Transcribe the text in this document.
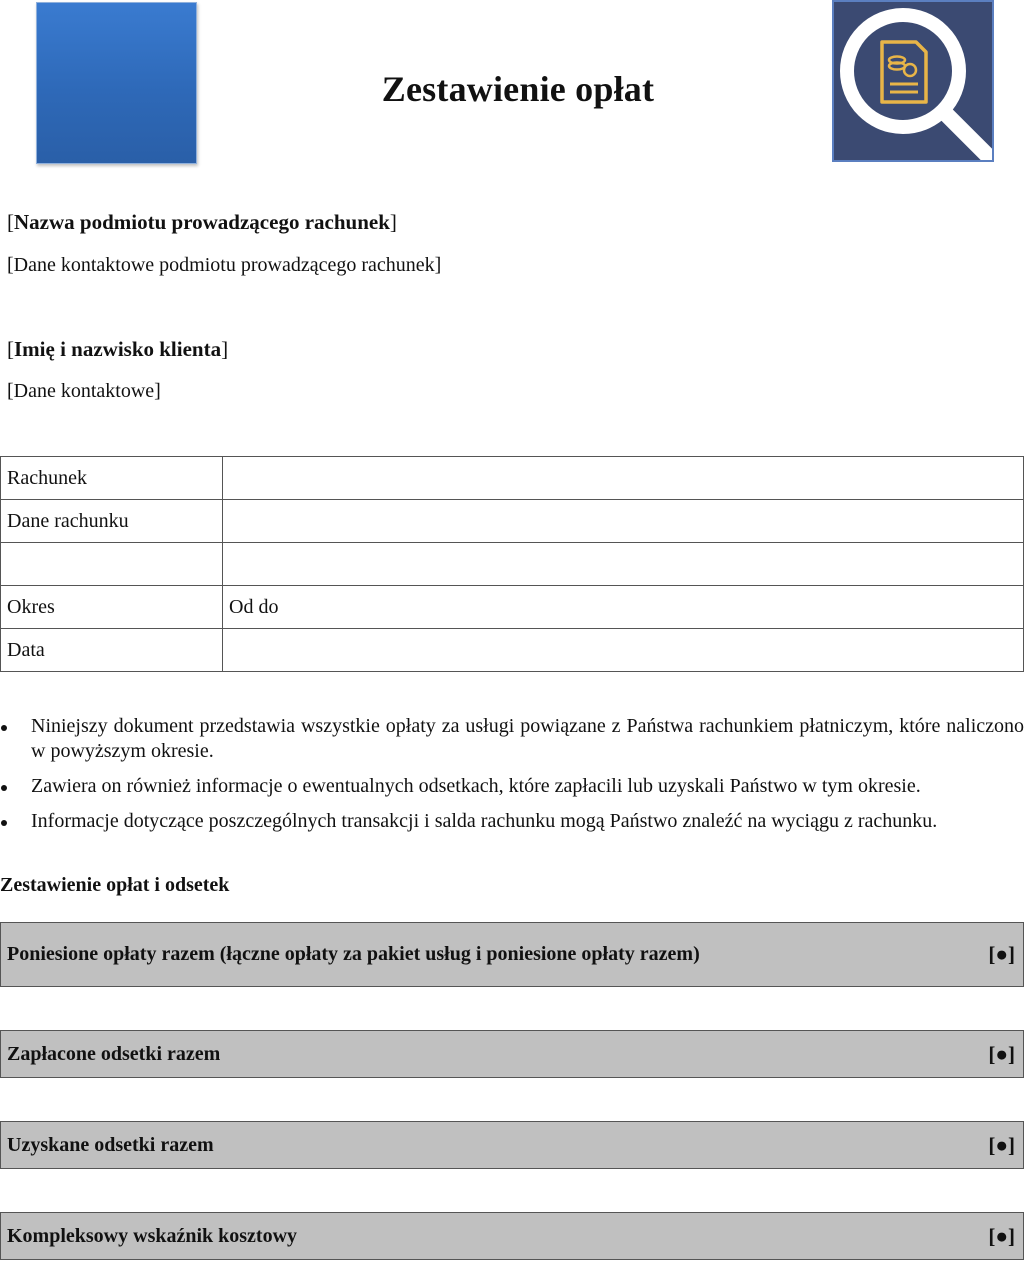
Zestawienie opłat
[Nazwa podmiotu prowadzącego rachunek]
[Dane kontaktowe podmiotu prowadzącego rachunek]
[Imię i nazwisko klienta]
[Dane kontaktowe]
Rachunek	
Dane rachunku	

Okres	Od do
Data	
Niniejszy dokument przedstawia wszystkie opłaty za usługi powiązane z Państwa rachunkiem płatniczym, które naliczono w powyższym okresie.
Zawiera on również informacje o ewentualnych odsetkach, które zapłacili lub uzyskali Państwo w tym okresie.
Informacje dotyczące poszczególnych transakcji i salda rachunku mogą Państwo znaleźć na wyciągu z rachunku.
Zestawienie opłat i odsetek
Poniesione opłaty razem (łączne opłaty za pakiet usług i poniesione opłaty razem)	[●]
Zapłacone odsetki razem	[●]
Uzyskane odsetki razem	[●]
Kompleksowy wskaźnik kosztowy	[●]
